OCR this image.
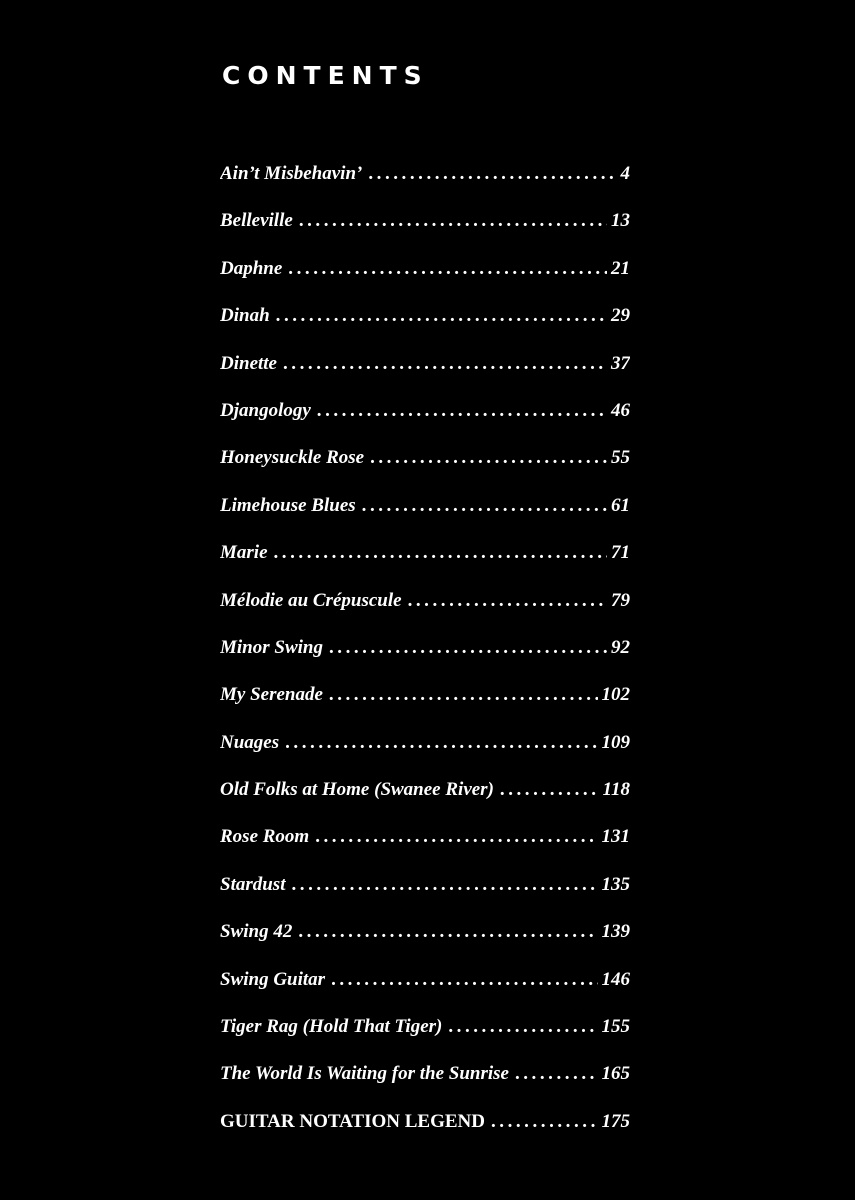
CONTENTS
Ain’t Misbehavin’ . . .	4
Belleville . . .	13
Daphne . . .	21
Dinah . . .	29
Dinette . . .	37
Djangology . . .	46
Honeysuckle Rose . . .	55
Limehouse Blues . . .	61
Marie . . .	71
Mélodie au Crépuscule . . .	79
Minor Swing . . .	92
My Serenade . . .	102
Nuages . . .	109
Old Folks at Home (Swanee River) . . .	118
Rose Room . . .	131
Stardust . . .	135
Swing 42 . . .	139
Swing Guitar . . .	146
Tiger Rag (Hold That Tiger) . . .	155
The World Is Waiting for the Sunrise . . .	165
GUITAR NOTATION LEGEND . . .	175
